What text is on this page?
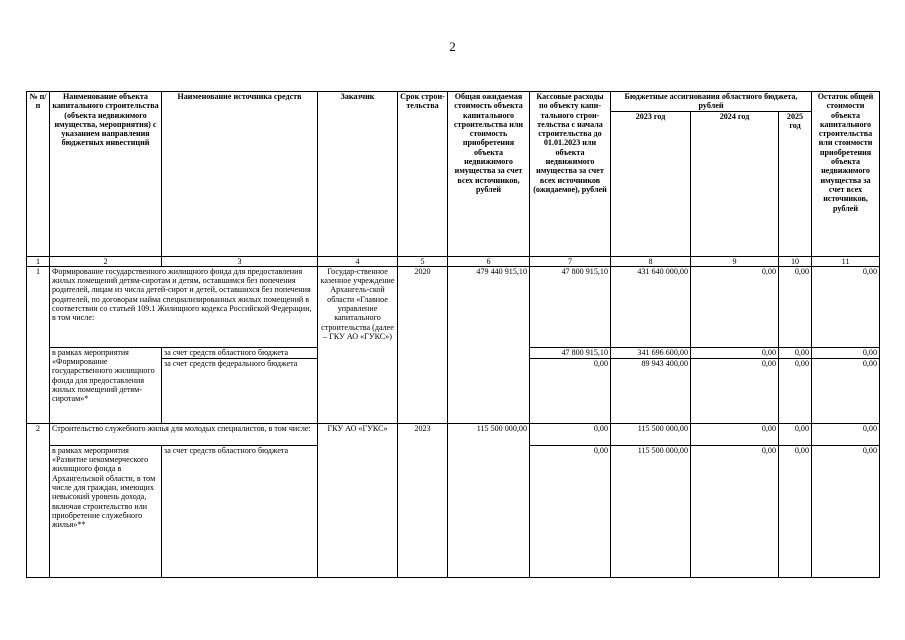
2
№ п/п	Наименование объекта капитального строительства (объекта недвижимого имущества, мероприятия) с указанием направления бюджетных инвестиций	Наименование источника средств	Заказчик	Срок строи-тельства	Общая ожидаемая стоимость объекта капитального строительства или стоимость приобретения объекта недвижимого имущества за счет всех источников, рублей	Кассовые расходы по объекту капи-тального строи-тельства с начала строительства до 01.01.2023 или объекта недвижимого имущества за счет всех источников (ожидаемое), рублей	Бюджетные ассигнования областного бюджета, рублей			Остаток общей стоимости объекта капитального строительства или стоимости приобретения объекта недвижимого имущества за счет всех источников, рублей
							2023 год	2024 год	2025 год	
1	2	3	4	5	6	7	8	9	10	11
1	Формирование государственного жилищного фонда для предоставления жилых помещений детям-сиротам и детям, оставшимся без попечения родителей, лицам из числа детей-сирот и детей, оставшихся без попечения родителей, по договорам найма специализированных жилых помещений в соответствии со статьей 109.1 Жилищного кодекса Российской Федерации, в том числе:		Государ-ственное казенное учреждение Архангель-ской области «Главное управление капитального строительства (далее – ГКУ АО «ГУКС»)	2020	479 440 915,10	47 800 915,10	431 640 000,00	0,00	0,00	0,00
	в рамках мероприятия «Формирование государственного жилищного фонда для предоставления жилых помещений детям-сиротам»*	за счет средств областного бюджета				47 800 915,10	341 696 600,00	0,00	0,00	0,00
		за счет средств федерального бюджета				0,00	89 943 400,00	0,00	0,00	0,00
2	Строительство служебного жилья для молодых специалистов, в том числе:		ГКУ АО «ГУКС»	2023	115 500 000,00	0,00	115 500 000,00	0,00	0,00	0,00
	в рамках мероприятия «Развитие некоммерческого жилищного фонда в Архангельской области, в том числе для граждан, имеющих невысокий уровень дохода, включая строительство или приобретение служебного жилья»**	за счет средств областного бюджета				0,00	115 500 000,00	0,00	0,00	0,00
